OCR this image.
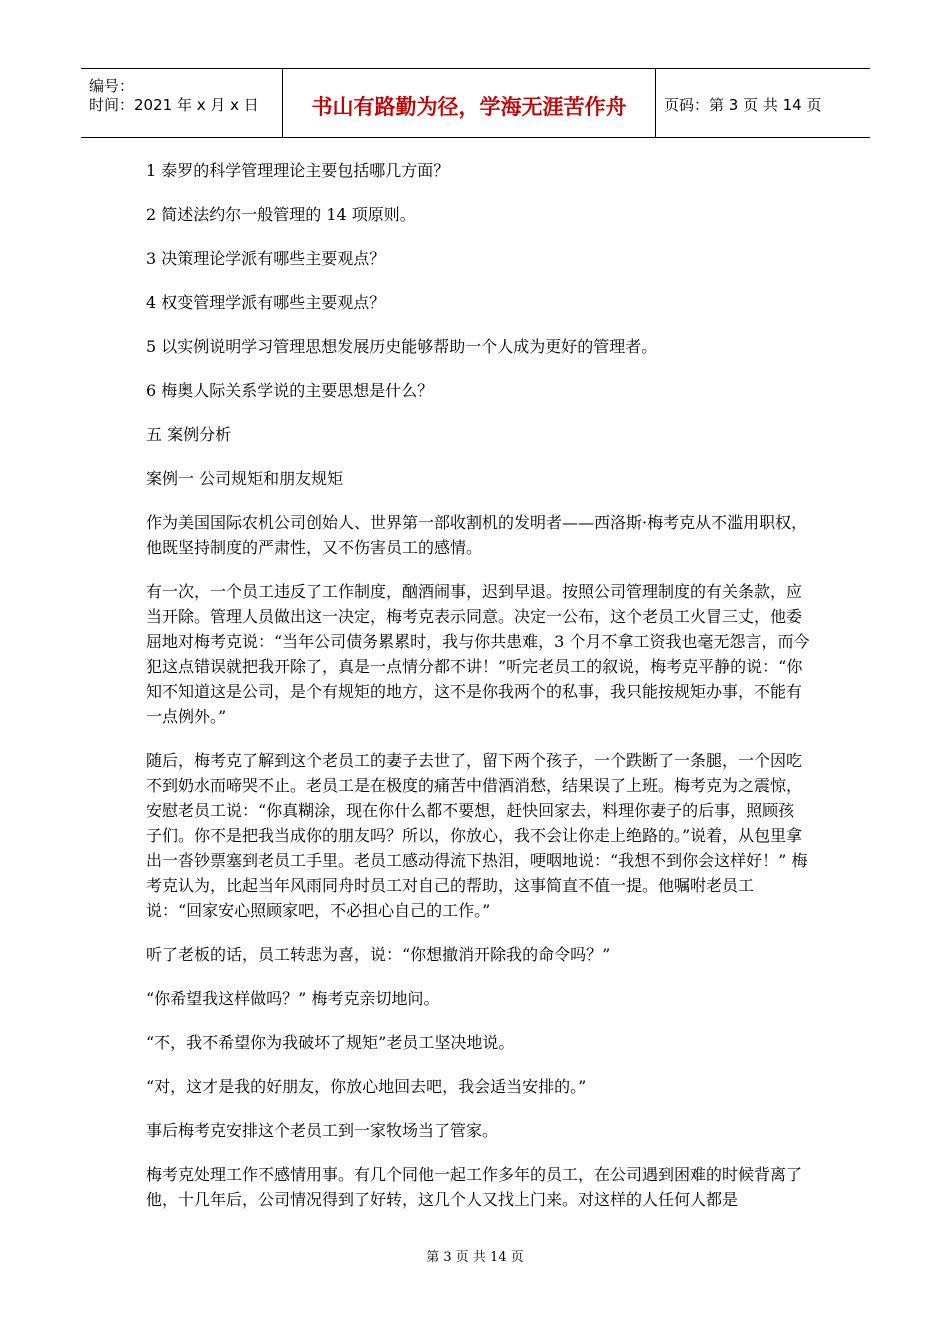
编号：
时间：2021 年 x 月 x 日	书山有路勤为径，学海无涯苦作舟	页码：第 3 页 共 14 页

1 泰罗的科学管理理论主要包括哪几方面？

2 简述法约尔一般管理的 14 项原则。

3 决策理论学派有哪些主要观点？

4 权变管理学派有哪些主要观点？

5 以实例说明学习管理思想发展历史能够帮助一个人成为更好的管理者。

6 梅奥人际关系学说的主要思想是什么？

五 案例分析

案例一 公司规矩和朋友规矩

作为美国国际农机公司创始人、世界第一部收割机的发明者——西洛斯·梅考克从不滥用职权，他既坚持制度的严肃性，又不伤害员工的感情。

有一次，一个员工违反了工作制度，酗酒闹事，迟到早退。按照公司管理制度的有关条款，应当开除。管理人员做出这一决定，梅考克表示同意。决定一公布，这个老员工火冒三丈，他委屈地对梅考克说：“当年公司债务累累时，我与你共患难，3 个月不拿工资我也毫无怨言，而今犯这点错误就把我开除了，真是一点情分都不讲！”听完老员工的叙说，梅考克平静的说：“你知不知道这是公司，是个有规矩的地方，这不是你我两个的私事，我只能按规矩办事，不能有一点例外。”

随后，梅考克了解到这个老员工的妻子去世了，留下两个孩子，一个跌断了一条腿，一个因吃不到奶水而啼哭不止。老员工是在极度的痛苦中借酒消愁，结果误了上班。梅考克为之震惊，安慰老员工说：“你真糊涂，现在你什么都不要想，赶快回家去，料理你妻子的后事，照顾孩子们。你不是把我当成你的朋友吗？所以，你放心，我不会让你走上绝路的。”说着，从包里拿出一沓钞票塞到老员工手里。老员工感动得流下热泪，哽咽地说：“我想不到你会这样好！” 梅考克认为，比起当年风雨同舟时员工对自己的帮助，这事简直不值一提。他嘱咐老员工说：“回家安心照顾家吧，不必担心自己的工作。”

听了老板的话，员工转悲为喜，说：“你想撤消开除我的命令吗？”

“你希望我这样做吗？” 梅考克亲切地问。

“不，我不希望你为我破坏了规矩”老员工坚决地说。

“对，这才是我的好朋友，你放心地回去吧，我会适当安排的。”

事后梅考克安排这个老员工到一家牧场当了管家。

梅考克处理工作不感情用事。有几个同他一起工作多年的员工，在公司遇到困难的时候背离了他，十几年后，公司情况得到了好转，这几个人又找上门来。对这样的人任何人都是

第 3 页 共 14 页
